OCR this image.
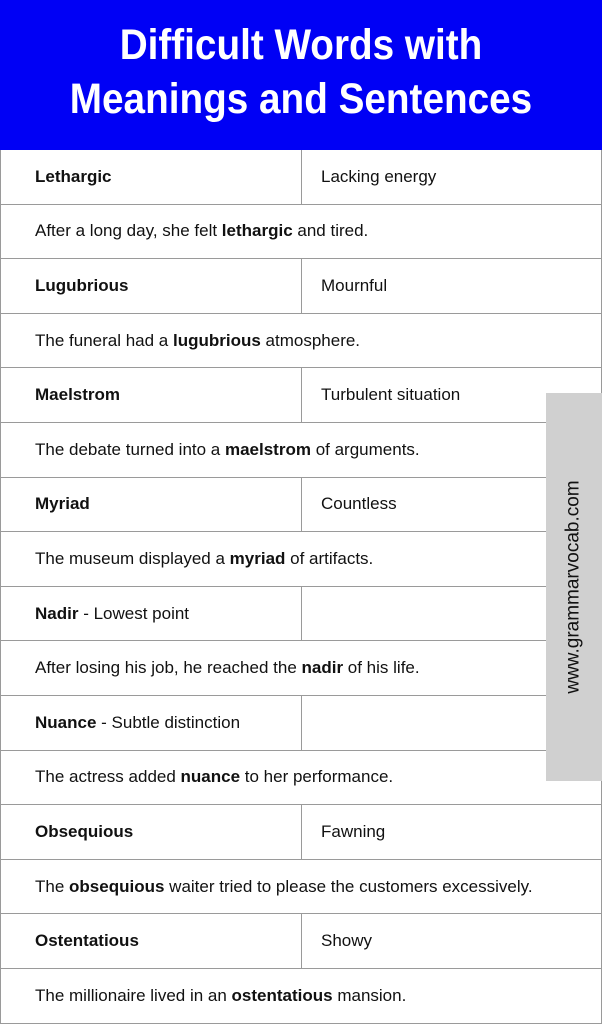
Difficult Words with
Meanings and Sentences
Lethargic	Lacking energy
After a long day, she felt lethargic and tired.
Lugubrious	Mournful
The funeral had a lugubrious atmosphere.
Maelstrom	Turbulent situation
The debate turned into a maelstrom of arguments.
Myriad	Countless
The museum displayed a myriad of artifacts.
Nadir - Lowest point
After losing his job, he reached the nadir of his life.
Nuance - Subtle distinction
The actress added nuance to her performance.
Obsequious	Fawning
The obsequious waiter tried to please the customers excessively.
Ostentatious	Showy
The millionaire lived in an ostentatious mansion.
www.grammarvocab.com
